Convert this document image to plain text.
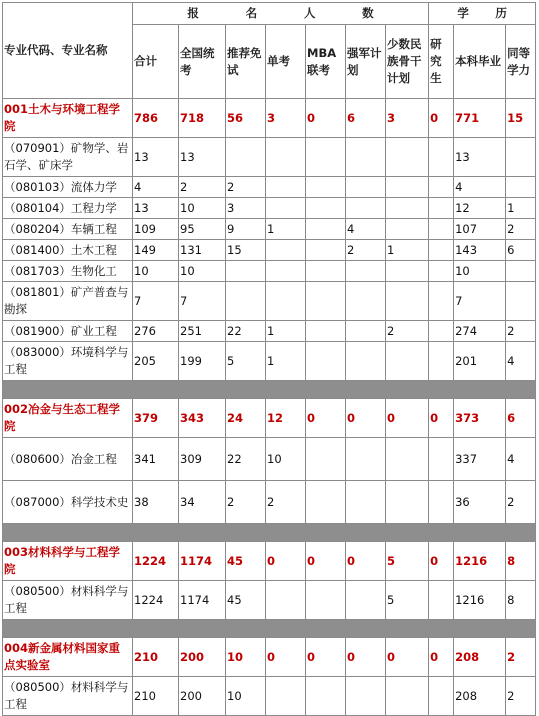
专业代码、专业名称	报 名 人 数							学 历		

	合计	全国统考	推荐免试	单考	MBA联考	强军计划	少数民族骨干计划	研究生	本科毕业	同等学力
001土木与环境工程学院	786	718	56	3	0	6	3	0	771	15
（070901）矿物学、岩石学、矿床学	13	13							13	
（080103）流体力学	4	2	2						4	
（080104）工程力学	13	10	3						12	1
（080204）车辆工程	109	95	9	1		4			107	2
（081400）土木工程	149	131	15			2	1		143	6
（081703）生物化工	10	10							10	
（081801）矿产普查与勘探	7	7							7	
（081900）矿业工程	276	251	22	1			2		274	2
（083000）环境科学与工程	205	199	5	1					201	4

002冶金与生态工程学院	379	343	24	12	0	0	0	0	373	6
（080600）冶金工程	341	309	22	10					337	4
（087000）科学技术史	38	34	2	2					36	2

003材料科学与工程学院	1224	1174	45	0	0	0	5	0	1216	8
（080500）材料科学与工程	1224	1174	45				5		1216	8

004新金属材料国家重点实验室	210	200	10	0	0	0	0	0	208	2
（080500）材料科学与工程	210	200	10						208	2
